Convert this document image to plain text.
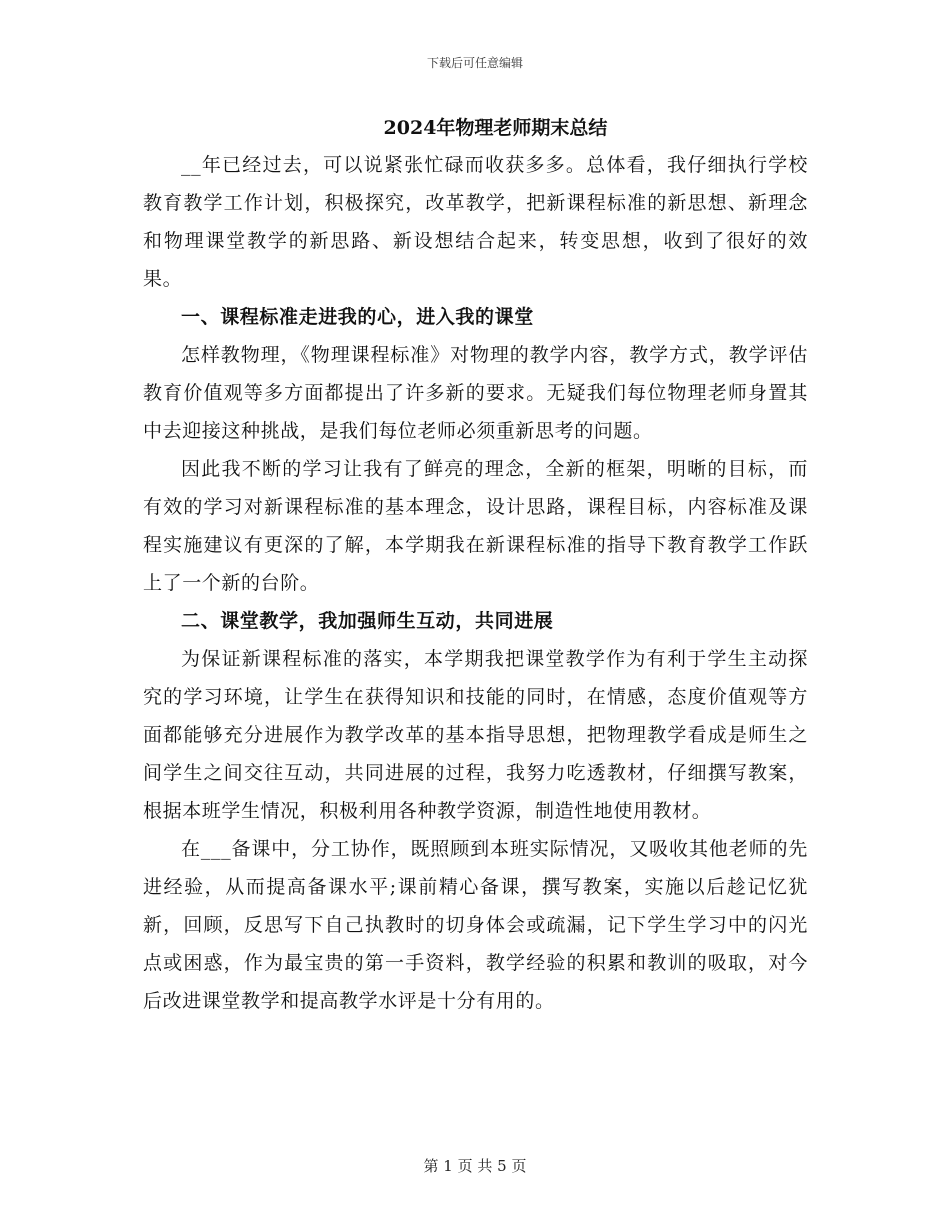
下载后可任意编辑
2024年物理老师期末总结

__年已经过去，可以说紧张忙碌而收获多多。总体看，我仔细执行学校教育教学工作计划，积极探究，改革教学，把新课程标准的新思想、新理念和物理课堂教学的新思路、新设想结合起来，转变思想，收到了很好的效果。

一、课程标准走进我的心，进入我的课堂

怎样教物理，《物理课程标准》对物理的教学内容，教学方式，教学评估教育价值观等多方面都提出了许多新的要求。无疑我们每位物理老师身置其中去迎接这种挑战，是我们每位老师必须重新思考的问题。

因此我不断的学习让我有了鲜亮的理念，全新的框架，明晰的目标，而有效的学习对新课程标准的基本理念，设计思路，课程目标，内容标准及课程实施建议有更深的了解，本学期我在新课程标准的指导下教育教学工作跃上了一个新的台阶。

二、课堂教学，我加强师生互动，共同进展

为保证新课程标准的落实，本学期我把课堂教学作为有利于学生主动探究的学习环境，让学生在获得知识和技能的同时，在情感，态度价值观等方面都能够充分进展作为教学改革的基本指导思想，把物理教学看成是师生之间学生之间交往互动，共同进展的过程，我努力吃透教材，仔细撰写教案，根据本班学生情况，积极利用各种教学资源，制造性地使用教材。

在___备课中，分工协作，既照顾到本班实际情况，又吸收其他老师的先进经验，从而提高备课水平;课前精心备课，撰写教案，实施以后趁记忆犹新，回顾，反思写下自己执教时的切身体会或疏漏，记下学生学习中的闪光点或困惑，作为最宝贵的第一手资料，教学经验的积累和教训的吸取，对今后改进课堂教学和提高教学水评是十分有用的。

第 1 页 共 5 页
